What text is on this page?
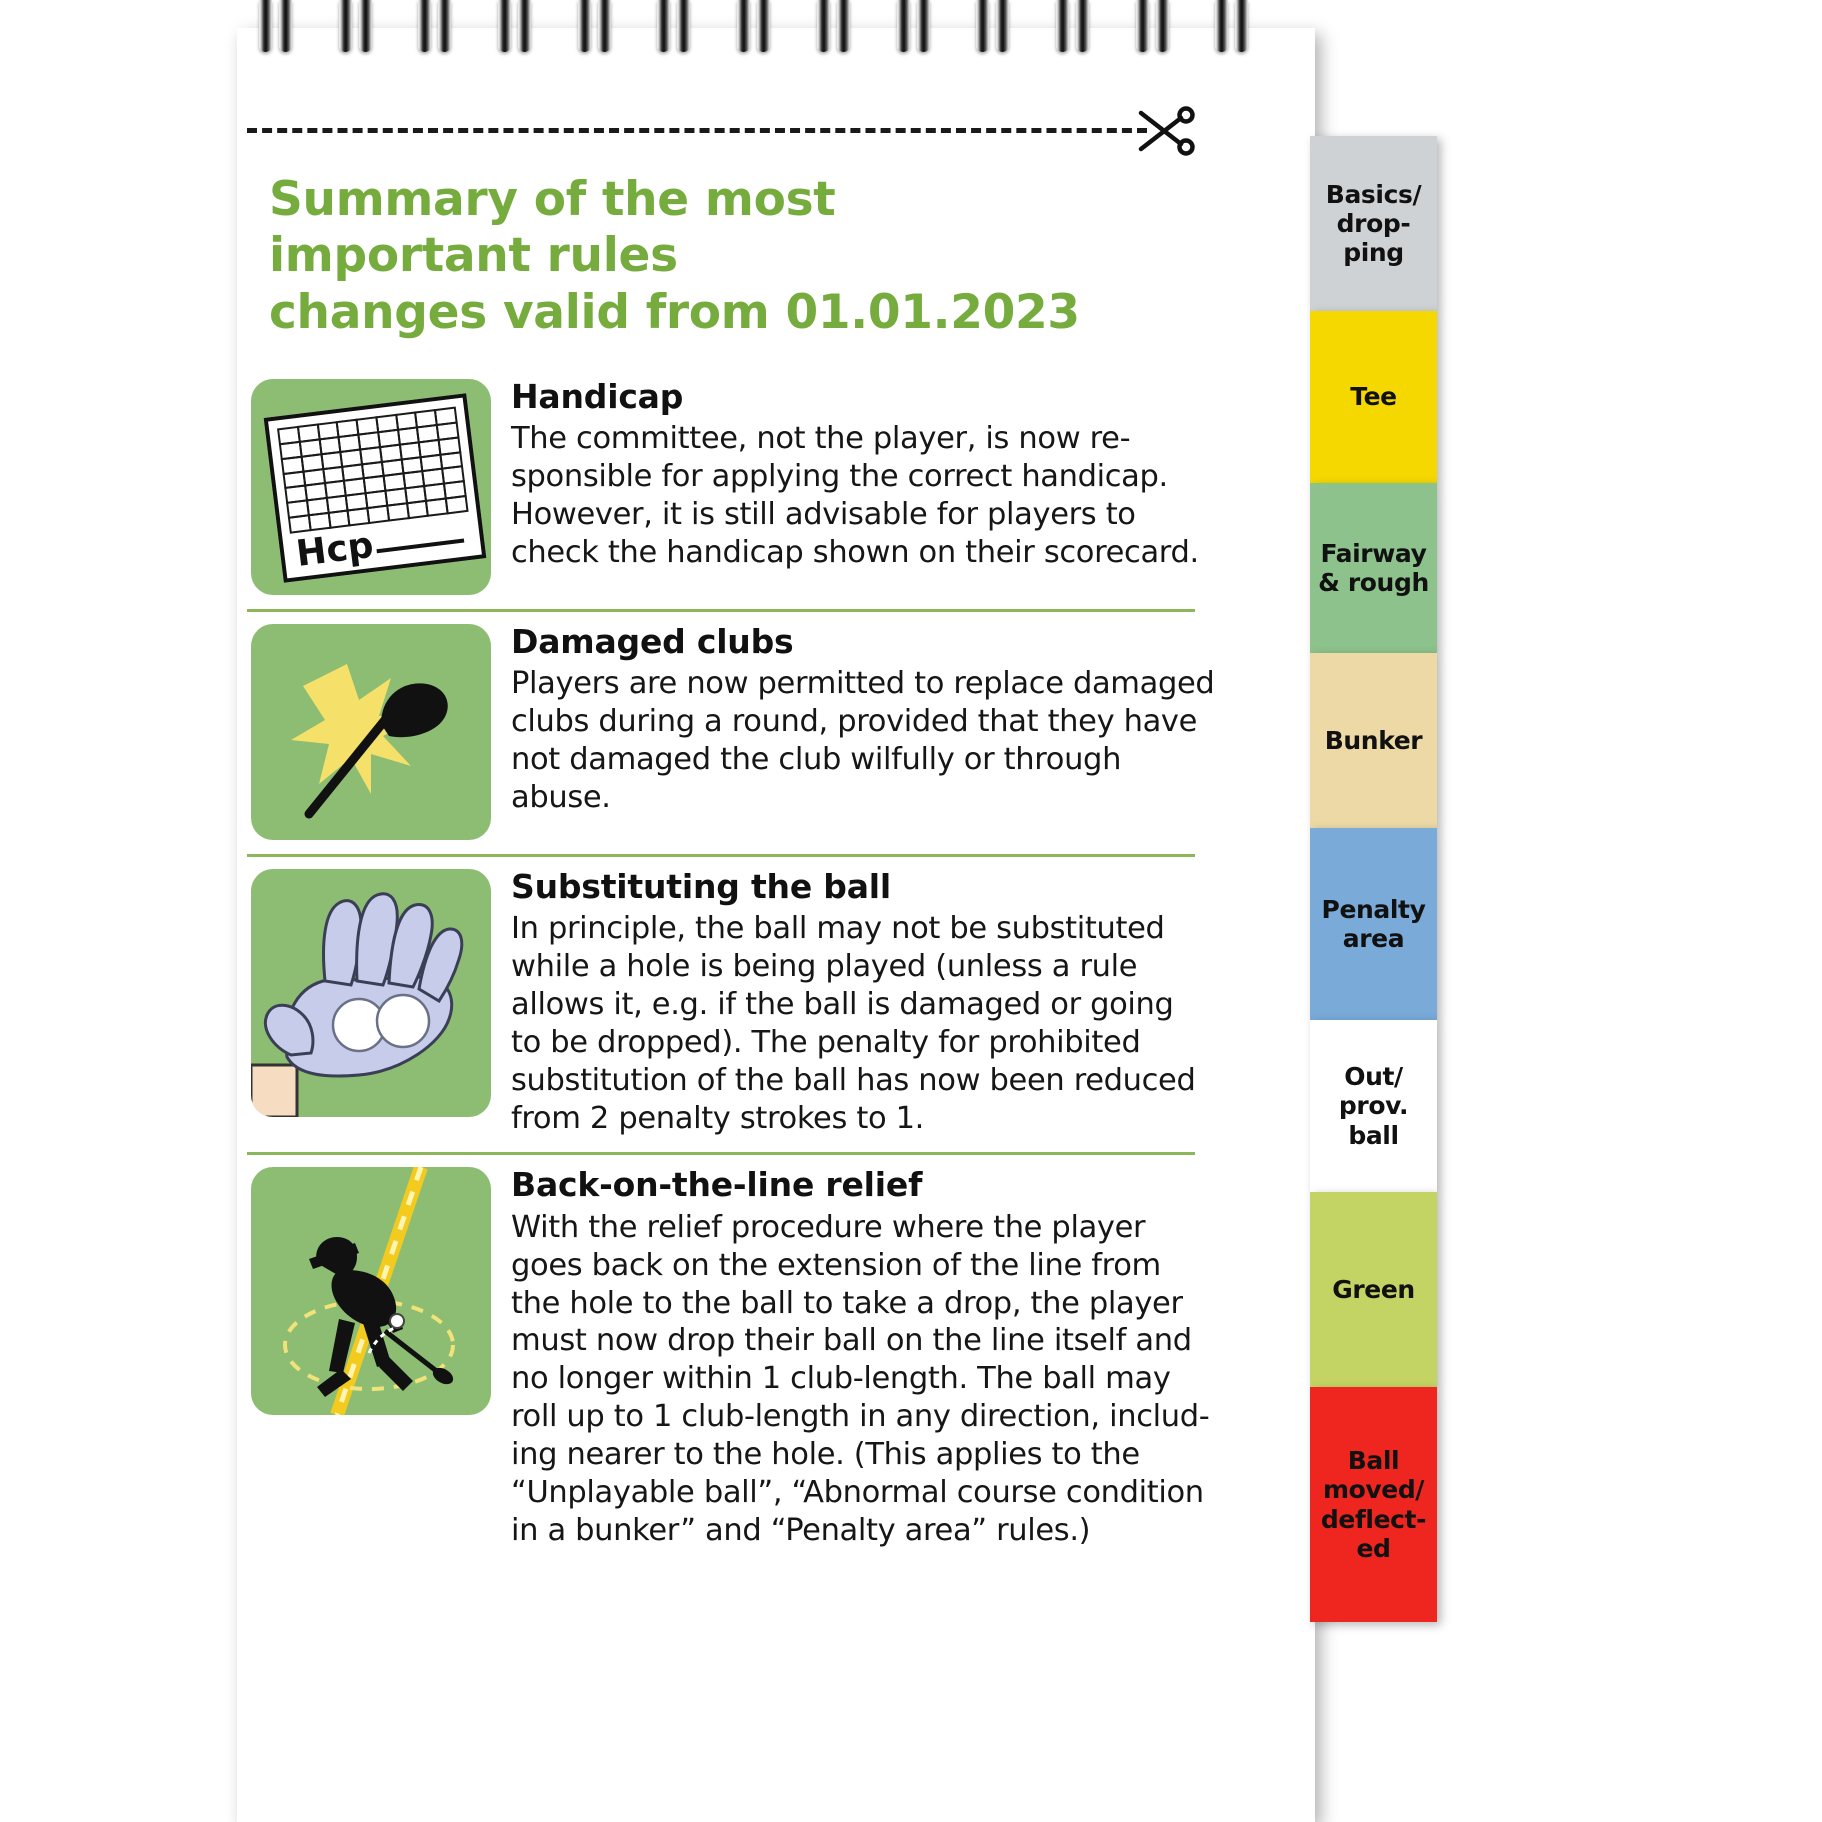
Basics/
drop-
ping
Tee
Fairway
& rough
Bunker
Penalty
area
Out/
prov.
ball
Green
Ball
moved/
deflect-
ed
Summary of the most important rules
changes valid from 01.01.2023
Hcp
Handicap
The committee, not the player, is now re-
sponsible for applying the correct handicap.
However, it is still advisable for players to
check the handicap shown on their scorecard.
Damaged clubs
Players are now permitted to replace damaged
clubs during a round, provided that they have
not damaged the club wilfully or through
abuse.
Substituting the ball
In principle, the ball may not be substituted
while a hole is being played (unless a rule
allows it, e.g. if the ball is damaged or going
to be dropped). The penalty for prohibited
substitution of the ball has now been reduced
from 2 penalty strokes to 1.
Back-on-the-line relief
With the relief procedure where the player
goes back on the extension of the line from
the hole to the ball to take a drop, the player
must now drop their ball on the line itself and
no longer within 1 club-length. The ball may
roll up to 1 club-length in any direction, includ-
ing nearer to the hole. (This applies to the
“Unplayable ball”, “Abnormal course condition
in a bunker” and “Penalty area” rules.)
